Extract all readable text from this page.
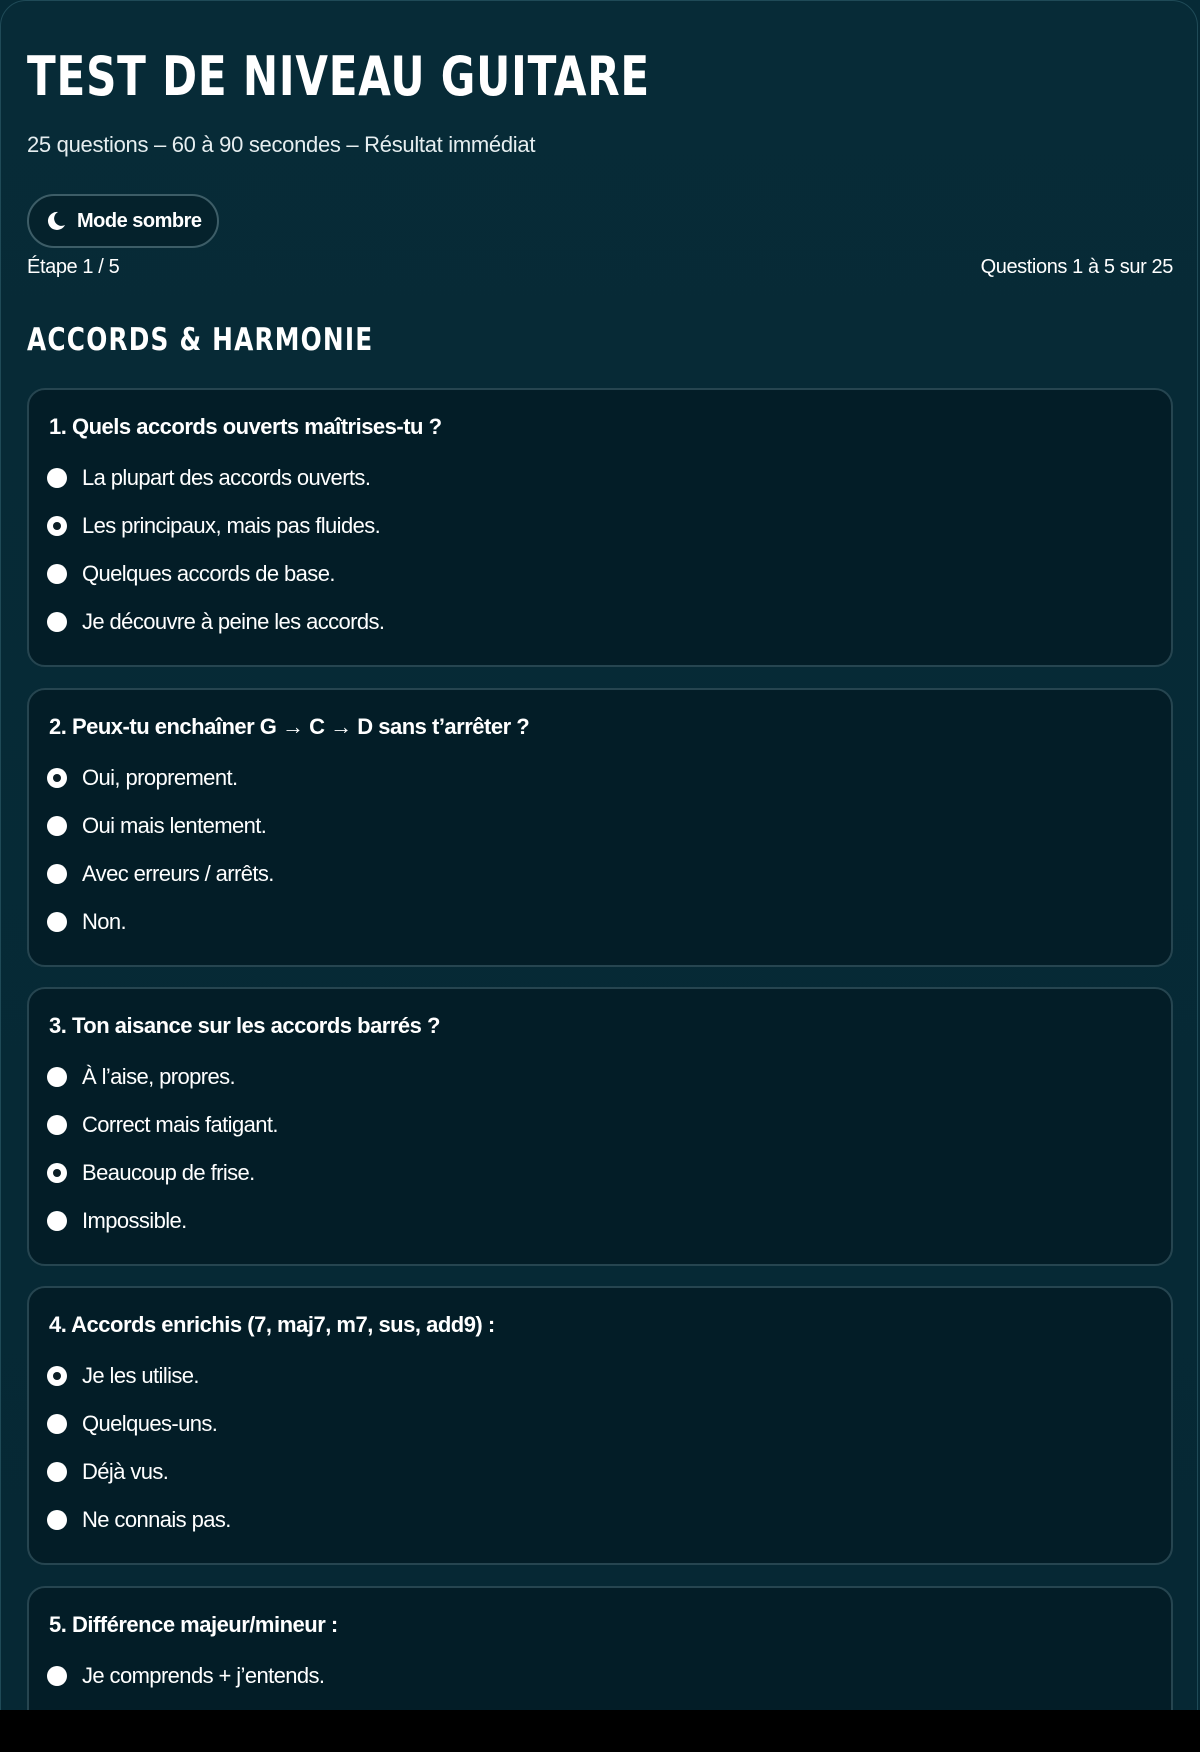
TEST DE NIVEAU GUITARE
25 questions – 60 à 90 secondes – Résultat immédiat
Mode sombre
Étape 1 / 5	Questions 1 à 5 sur 25
ACCORDS & HARMONIE
1. Quels accords ouverts maîtrises-tu ?
La plupart des accords ouverts.
Les principaux, mais pas fluides.
Quelques accords de base.
Je découvre à peine les accords.
2. Peux-tu enchaîner G → C → D sans t’arrêter ?
Oui, proprement.
Oui mais lentement.
Avec erreurs / arrêts.
Non.
3. Ton aisance sur les accords barrés ?
À l’aise, propres.
Correct mais fatigant.
Beaucoup de frise.
Impossible.
4. Accords enrichis (7, maj7, m7, sus, add9) :
Je les utilise.
Quelques-uns.
Déjà vus.
Ne connais pas.
5. Différence majeur/mineur :
Je comprends + j’entends.
